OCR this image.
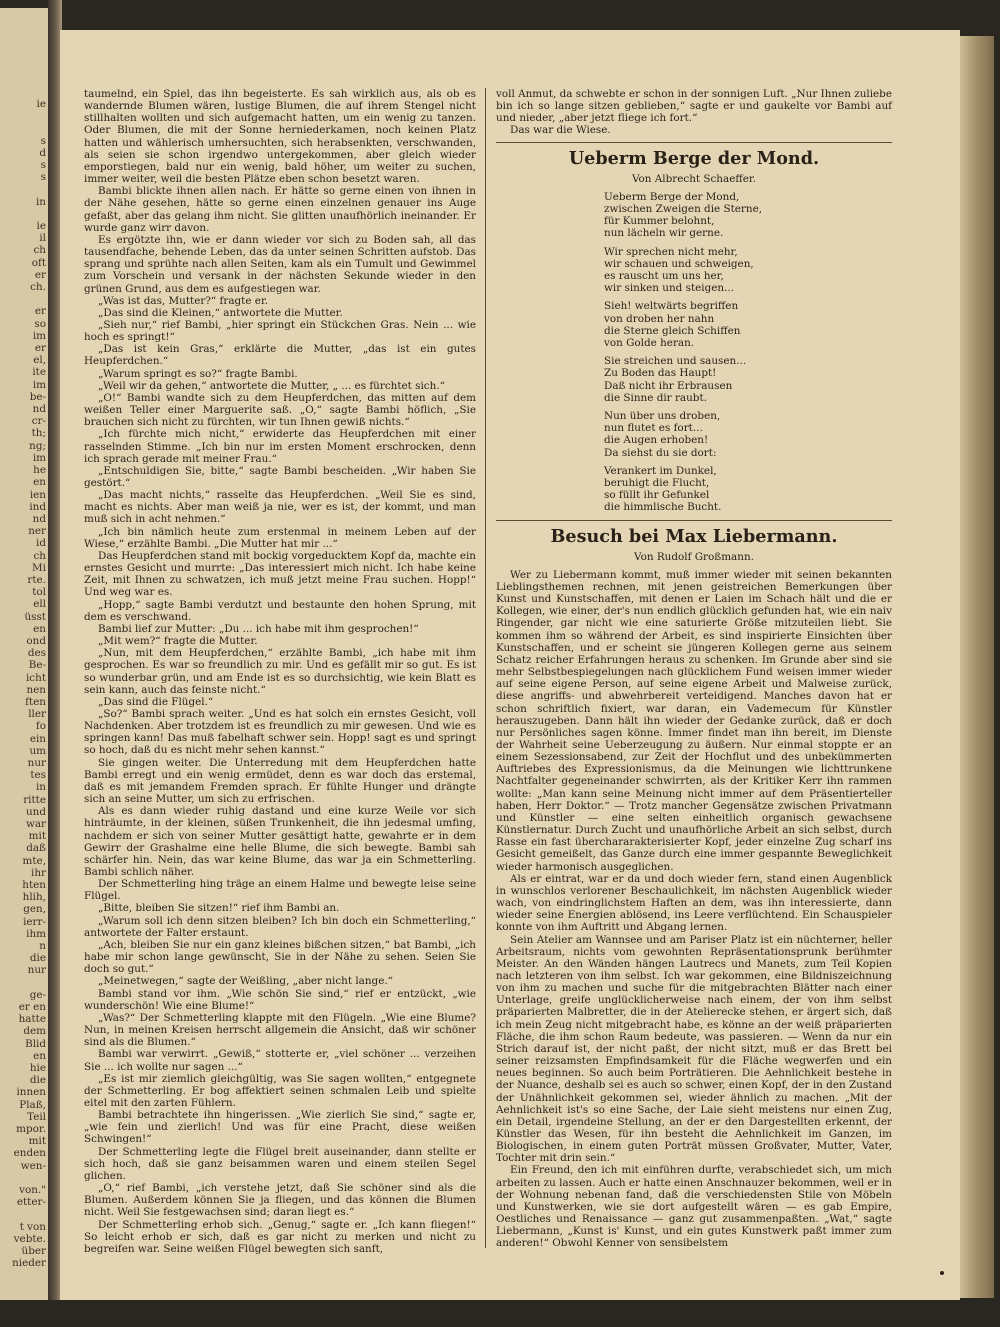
ie

s
d
s
s

in

ie
il
ch
oft
er
ch.

er
so
im
er
el,
ite
im
be-
nd
cr-
th;
ng;
im
he
en
ien
ind
nd
ner
id
ch
Mi
rte.
tol
ell
üsst
en
ond
des
Be-
icht
nen
ften
ller
fo
ein
um
nur
tes
in
ritte
und
war
mit
daß
mte,
ihr
hten
hlih,
gen,
ierr-
ihm
n
die
nur

ge-
er en
hatte
dem
Blid
en
hie
die
innen
Plaß,
Teil
mpor.
mit
enden
wen-

von."
etter-

t von
vebte.
über
nieder

taumelnd, ein Spiel, das ihn begeisterte. Es sah wirklich aus, als ob es wandernde Blumen wären, lustige Blumen, die auf ihrem Stengel nicht stillhalten wollten und sich aufgemacht hatten, um ein wenig zu tanzen. Oder Blumen, die mit der Sonne herniederkamen, noch keinen Platz hatten und wählerisch umhersuchten, sich herabsenkten, verschwanden, als seien sie schon irgendwo untergekommen, aber gleich wieder emporstiegen, bald nur ein wenig, bald höher, um weiter zu suchen, immer weiter, weil die besten Plätze eben schon besetzt waren.

Bambi blickte ihnen allen nach. Er hätte so gerne einen von ihnen in der Nähe gesehen, hätte so gerne einen einzelnen genauer ins Auge gefaßt, aber das gelang ihm nicht. Sie glitten unaufhörlich ineinander. Er wurde ganz wirr davon.

Es ergötzte ihn, wie er dann wieder vor sich zu Boden sah, all das tausendfache, behende Leben, das da unter seinen Schritten aufstob. Das sprang und sprühte nach allen Seiten, kam als ein Tumult und Gewimmel zum Vorschein und versank in der nächsten Sekunde wieder in den grünen Grund, aus dem es aufgestiegen war.

„Was ist das, Mutter?“ fragte er.

„Das sind die Kleinen,“ antwortete die Mutter.

„Sieh nur,“ rief Bambi, „hier springt ein Stückchen Gras. Nein ... wie hoch es springt!“

„Das ist kein Gras,“ erklärte die Mutter, „das ist ein gutes Heupferdchen.“

„Warum springt es so?“ fragte Bambi.

„Weil wir da gehen,“ antwortete die Mutter, „ ... es fürchtet sich.“

„O!“ Bambi wandte sich zu dem Heupferdchen, das mitten auf dem weißen Teller einer Marguerite saß. „O,“ sagte Bambi höflich, „Sie brauchen sich nicht zu fürchten, wir tun Ihnen gewiß nichts.“

„Ich fürchte mich nicht,“ erwiderte das Heupferdchen mit einer rasselnden Stimme. „Ich bin nur im ersten Moment erschrocken, denn ich sprach gerade mit meiner Frau.“

„Entschuldigen Sie, bitte,“ sagte Bambi bescheiden. „Wir haben Sie gestört.“

„Das macht nichts,“ rasselte das Heupferdchen. „Weil Sie es sind, macht es nichts. Aber man weiß ja nie, wer es ist, der kommt, und man muß sich in acht nehmen.“

„Ich bin nämlich heute zum erstenmal in meinem Leben auf der Wiese,“ erzählte Bambi. „Die Mutter hat mir ...“

Das Heupferdchen stand mit bockig vorgeducktem Kopf da, machte ein ernstes Gesicht und murrte: „Das interessiert mich nicht. Ich habe keine Zeit, mit Ihnen zu schwatzen, ich muß jetzt meine Frau suchen. Hopp!“ Und weg war es.

„Hopp,“ sagte Bambi verdutzt und bestaunte den hohen Sprung, mit dem es verschwand.

Bambi lief zur Mutter: „Du ... ich habe mit ihm gesprochen!“

„Mit wem?“ fragte die Mutter.

„Nun, mit dem Heupferdchen,“ erzählte Bambi, „ich habe mit ihm gesprochen. Es war so freundlich zu mir. Und es gefällt mir so gut. Es ist so wunderbar grün, und am Ende ist es so durchsichtig, wie kein Blatt es sein kann, auch das feinste nicht.“

„Das sind die Flügel.“

„So?“ Bambi sprach weiter. „Und es hat solch ein ernstes Gesicht, voll Nachdenken. Aber trotzdem ist es freundlich zu mir gewesen. Und wie es springen kann! Das muß fabelhaft schwer sein. Hopp! sagt es und springt so hoch, daß du es nicht mehr sehen kannst.“

Sie gingen weiter. Die Unterredung mit dem Heupferdchen hatte Bambi erregt und ein wenig ermüdet, denn es war doch das erstemal, daß es mit jemandem Fremden sprach. Er fühlte Hunger und drängte sich an seine Mutter, um sich zu erfrischen.

Als es dann wieder ruhig dastand und eine kurze Weile vor sich hinträumte, in der kleinen, süßen Trunkenheit, die ihn jedesmal umfing, nachdem er sich von seiner Mutter gesättigt hatte, gewahrte er in dem Gewirr der Grashalme eine helle Blume, die sich bewegte. Bambi sah schärfer hin. Nein, das war keine Blume, das war ja ein Schmetterling. Bambi schlich näher.

Der Schmetterling hing träge an einem Halme und bewegte leise seine Flügel.

„Bitte, bleiben Sie sitzen!“ rief ihm Bambi an.

„Warum soll ich denn sitzen bleiben? Ich bin doch ein Schmetterling,“ antwortete der Falter erstaunt.

„Ach, bleiben Sie nur ein ganz kleines bißchen sitzen,“ bat Bambi, „ich habe mir schon lange gewünscht, Sie in der Nähe zu sehen. Seien Sie doch so gut.“

„Meinetwegen,“ sagte der Weißling, „aber nicht lange.“

Bambi stand vor ihm. „Wie schön Sie sind,“ rief er entzückt, „wie wunderschön! Wie eine Blume!“

„Was?“ Der Schmetterling klappte mit den Flügeln. „Wie eine Blume? Nun, in meinen Kreisen herrscht allgemein die Ansicht, daß wir schöner sind als die Blumen.“

Bambi war verwirrt. „Gewiß,“ stotterte er, „viel schöner ... verzeihen Sie ... ich wollte nur sagen ...“

„Es ist mir ziemlich gleichgültig, was Sie sagen wollten,“ entgegnete der Schmetterling. Er bog affektiert seinen schmalen Leib und spielte eitel mit den zarten Fühlern.

Bambi betrachtete ihn hingerissen. „Wie zierlich Sie sind,“ sagte er, „wie fein und zierlich! Und was für eine Pracht, diese weißen Schwingen!“

Der Schmetterling legte die Flügel breit auseinander, dann stellte er sich hoch, daß sie ganz beisammen waren und einem steilen Segel glichen.

„O,“ rief Bambi, „ich verstehe jetzt, daß Sie schöner sind als die Blumen. Außerdem können Sie ja fliegen, und das können die Blumen nicht. Weil Sie festgewachsen sind; daran liegt es.“

Der Schmetterling erhob sich. „Genug,“ sagte er. „Ich kann fliegen!“ So leicht erhob er sich, daß es gar nicht zu merken und nicht zu begreifen war. Seine weißen Flügel bewegten sich sanft,

voll Anmut, da schwebte er schon in der sonnigen Luft. „Nur Ihnen zuliebe bin ich so lange sitzen geblieben,“ sagte er und gaukelte vor Bambi auf und nieder, „aber jetzt fliege ich fort.“

Das war die Wiese.

Ueberm Berge der Mond.
Von Albrecht Schaeffer.
Ueberm Berge der Mond,
zwischen Zweigen die Sterne,
für Kummer belohnt,
nun lächeln wir gerne.
Wir sprechen nicht mehr,
wir schauen und schweigen,
es rauscht um uns her,
wir sinken und steigen...
Sieh! weltwärts begriffen
von droben her nahn
die Sterne gleich Schiffen
von Golde heran.
Sie streichen und sausen...
Zu Boden das Haupt!
Daß nicht ihr Erbrausen
die Sinne dir raubt.
Nun über uns droben,
nun flutet es fort...
die Augen erhoben!
Da siehst du sie dort:
Verankert im Dunkel,
beruhigt die Flucht,
so füllt ihr Gefunkel
die himmlische Bucht.
Besuch bei Max Liebermann.
Von Rudolf Großmann.

Wer zu Liebermann kommt, muß immer wieder mit seinen bekannten Lieblingsthemen rechnen, mit jenen geistreichen Bemerkungen über Kunst und Kunstschaffen, mit denen er Laien im Schach hält und die er Kollegen, wie einer, der's nun endlich glücklich gefunden hat, wie ein naiv Ringender, gar nicht wie eine saturierte Größe mitzuteilen liebt. Sie kommen ihm so während der Arbeit, es sind inspirierte Einsichten über Kunstschaffen, und er scheint sie jüngeren Kollegen gerne aus seinem Schatz reicher Erfahrungen heraus zu schenken. Im Grunde aber sind sie mehr Selbstbespiegelungen nach glücklichem Fund weisen immer wieder auf seine eigene Person, auf seine eigene Arbeit und Malweise zurück, diese angriffs- und abwehrbereit verteidigend. Manches davon hat er schon schriftlich fixiert, war daran, ein Vademecum für Künstler herauszugeben. Dann hält ihn wieder der Gedanke zurück, daß er doch nur Persönliches sagen könne. Immer findet man ihn bereit, im Dienste der Wahrheit seine Ueberzeugung zu äußern. Nur einmal stoppte er an einem Sezessionsabend, zur Zeit der Hochflut und des unbekümmerten Auftriebes des Expressionismus, da die Meinungen wie lichttrunkene Nachtfalter gegeneinander schwirrten, als der Kritiker Kerr ihn rammen wollte: „Man kann seine Meinung nicht immer auf dem Präsentierteller haben, Herr Doktor.“ — Trotz mancher Gegensätze zwischen Privatmann und Künstler — eine selten einheitlich organisch gewachsene Künstlernatur. Durch Zucht und unaufhörliche Arbeit an sich selbst, durch Rasse ein fast überchararakterisierter Kopf, jeder einzelne Zug scharf ins Gesicht gemeißelt, das Ganze durch eine immer gespannte Beweglichkeit wieder harmonisch ausgeglichen.

Als er eintrat, war er da und doch wieder fern, stand einen Augenblick in wunschlos verlorener Beschaulichkeit, im nächsten Augenblick wieder wach, von eindringlichstem Haften an dem, was ihn interessierte, dann wieder seine Energien ablösend, ins Leere verflüchtend. Ein Schauspieler konnte von ihm Auftritt und Abgang lernen.

Sein Atelier am Wannsee und am Pariser Platz ist ein nüchterner, heller Arbeitsraum, nichts vom gewohnten Repräsentationsprunk berühmter Meister. An den Wänden hängen Lautrecs und Manets, zum Teil Kopien nach letzteren von ihm selbst. Ich war gekommen, eine Bildniszeichnung von ihm zu machen und suche für die mitgebrachten Blätter nach einer Unterlage, greife unglücklicherweise nach einem, der von ihm selbst präparierten Malbretter, die in der Atelierecke stehen, er ärgert sich, daß ich mein Zeug nicht mitgebracht habe, es könne an der weiß präparierten Fläche, die ihm schon Raum bedeute, was passieren. — Wenn da nur ein Strich darauf ist, der nicht paßt, der nicht sitzt, muß er das Brett bei seiner reizsamsten Empfindsamkeit für die Fläche wegwerfen und ein neues beginnen. So auch beim Porträtieren. Die Aehnlichkeit bestehe in der Nuance, deshalb sei es auch so schwer, einen Kopf, der in den Zustand der Unähnlichkeit gekommen sei, wieder ähnlich zu machen. „Mit der Aehnlichkeit ist's so eine Sache, der Laie sieht meistens nur einen Zug, ein Detail, irgendeine Stellung, an der er den Dargestellten erkennt, der Künstler das Wesen, für ihn besteht die Aehnlichkeit im Ganzen, im Biologischen, in einem guten Porträt müssen Großvater, Mutter, Vater, Tochter mit drin sein.“

Ein Freund, den ich mit einführen durfte, verabschiedet sich, um mich arbeiten zu lassen. Auch er hatte einen Anschnauzer bekommen, weil er in der Wohnung nebenan fand, daß die verschiedensten Stile von Möbeln und Kunstwerken, wie sie dort aufgestellt wären — es gab Empire, Oestliches und Renaissance — ganz gut zusammenpaßten. „Wat,“ sagte Liebermann, „Kunst is' Kunst, und ein gutes Kunstwerk paßt immer zum anderen!“ Obwohl Kenner von sensibelstem
